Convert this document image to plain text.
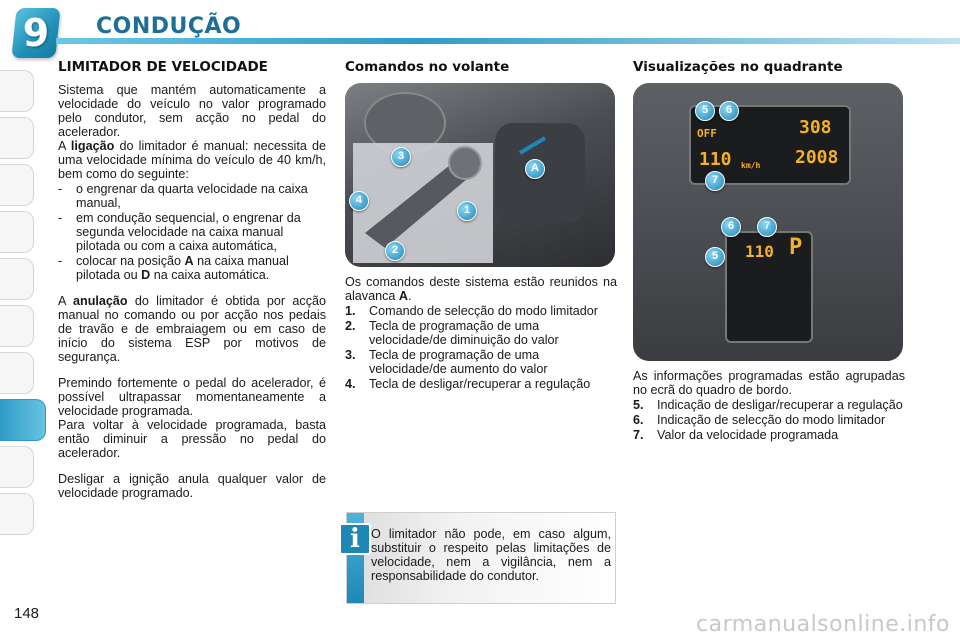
9	CONDUÇÃO
LIMITADOR DE VELOCIDADE

Sistema que mantém automaticamente a velocidade do veículo no valor programado pelo condutor, sem acção no pedal do acelerador.

A ligação do limitador é manual: necessita de uma velocidade mínima do veículo de 40 km/h, bem como do seguinte:

-	o engrenar da quarta velocidade na caixa manual,
-	em condução sequencial, o engrenar da segunda velocidade na caixa manual pilotada ou com a caixa automática,
-	colocar na posição A na caixa manual pilotada ou D na caixa automática.

A anulação do limitador é obtida por acção manual no comando ou por acção nos pedais de travão e de embraiagem ou em caso de início do sistema ESP por motivos de segurança.

Premindo fortemente o pedal do acelerador, é possível ultrapassar momentaneamente a velocidade programada.

Para voltar à velocidade programada, basta então diminuir a pressão no pedal do acelerador.

Desligar a ignição anula qualquer valor de velocidade programado.

Comandos no volante
3
4
1
2
A

Os comandos deste sistema estão reunidos na alavanca A.

1.	Comando de selecção do modo limitador
2.	Tecla de programação de uma velocidade/de diminuição do valor
3.	Tecla de programação de uma velocidade/de aumento do valor
4.	Tecla de desligar/recuperar a regulação
Visualizações no quadrante
OFF	308
110 km/h 2008
110 P
5	6
7
6	7
5

As informações programadas estão agrupadas no ecrã do quadro de bordo.

5.	Indicação de desligar/recuperar a regulação
6.	Indicação de selecção do modo limitador
7.	Valor da velocidade programada
i O limitador não pode, em caso algum, substituir o respeito pelas limitações de velocidade, nem a vigilância, nem a responsabilidade do condutor.

148	carmanualsonline.info
